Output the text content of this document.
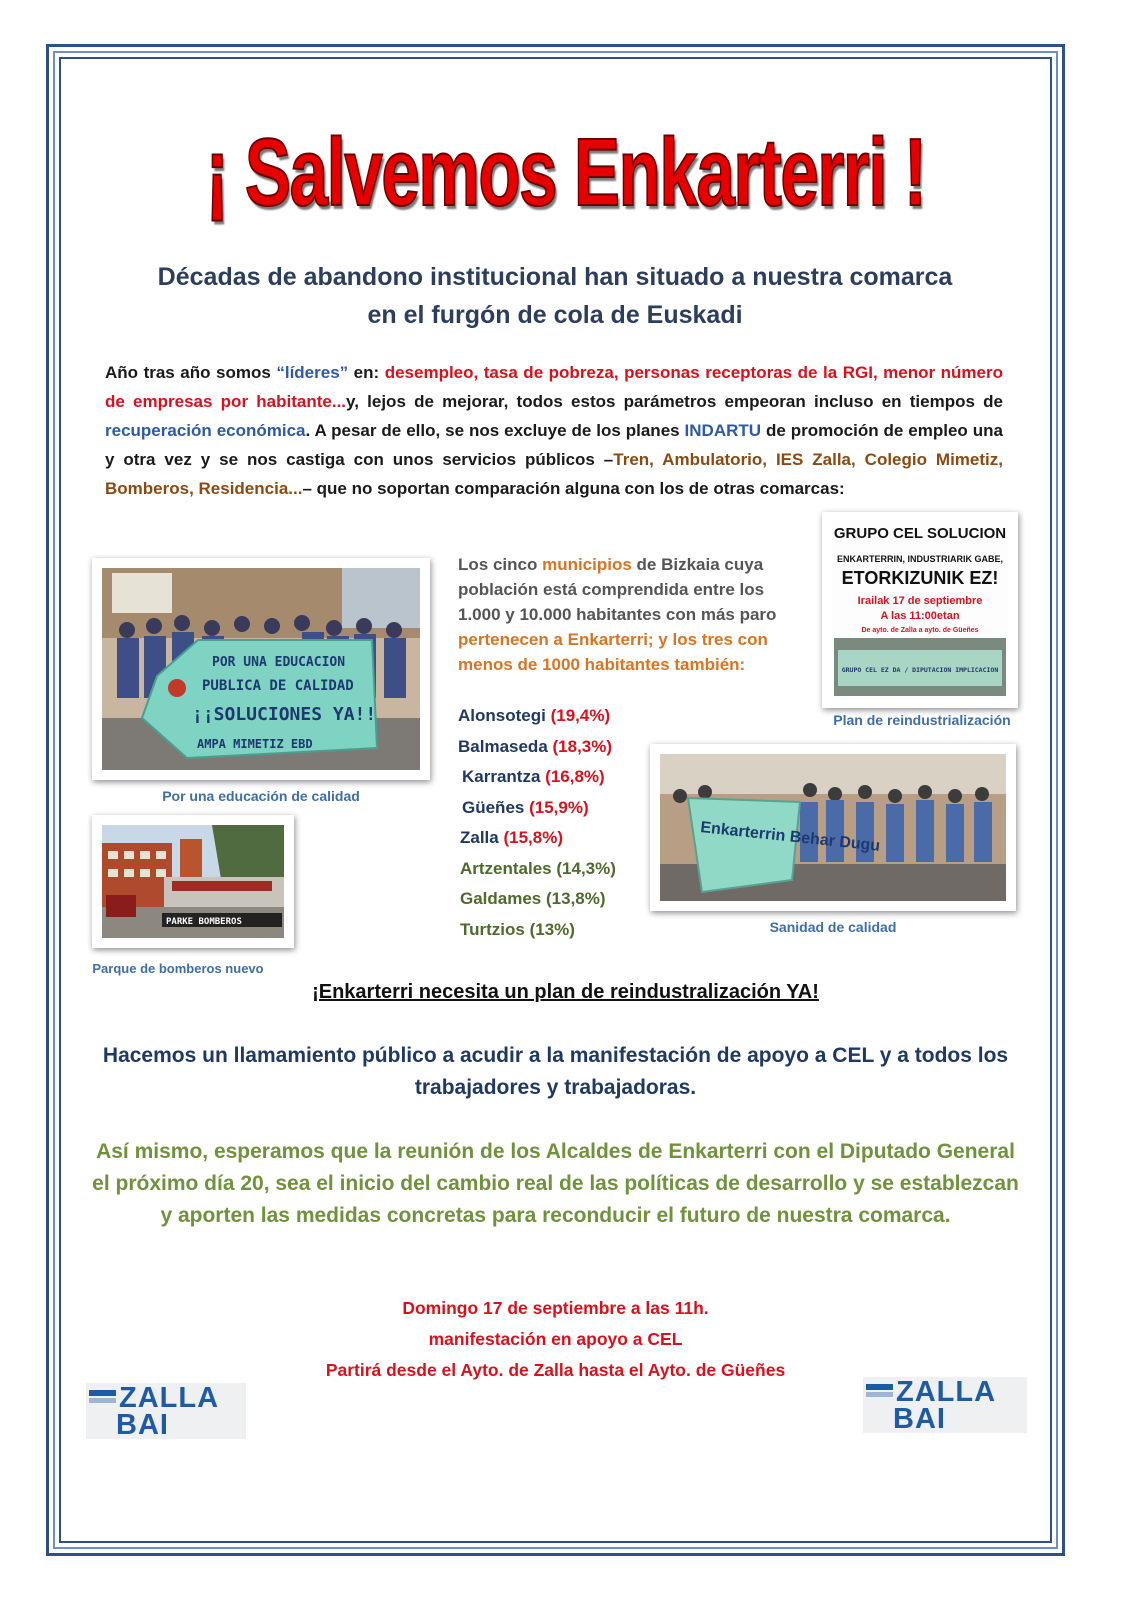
¡ Salvemos Enkarterri !
Décadas de abandono institucional han situado a nuestra comarca en el furgón de cola de Euskadi
Año tras año somos “líderes” en: desempleo, tasa de pobreza, personas receptoras de la RGI, menor número de empresas por habitante...y, lejos de mejorar, todos estos parámetros empeoran incluso en tiempos de recuperación económica. A pesar de ello, se nos excluye de los planes INDARTU de promoción de empleo una y otra vez y se nos castiga con unos servicios públicos –Tren, Ambulatorio, IES Zalla, Colegio Mimetiz, Bomberos, Residencia...– que no soportan comparación alguna con los de otras comarcas:
POR UNA EDUCACION
PUBLICA DE CALIDAD
¡¡SOLUCIONES YA!!
AMPA MIMETIZ EBD
Por una educación de calidad
PARKE BOMBEROS
Parque de bomberos nuevo
Los cinco municipios de Bizkaia cuya población está comprendida entre los 1.000 y 10.000 habitantes con más paro pertenecen a Enkarterri; y los tres con menos de 1000 habitantes también:
Alonsotegi (19,4%)
Balmaseda (18,3%)
Karrantza (16,8%)
Güeñes (15,9%)
Zalla (15,8%)
Artzentales (14,3%)
Galdames (13,8%)
Turtzios (13%)
GRUPO CEL SOLUCION
ENKARTERRIN, INDUSTRIARIK GABE,
ETORKIZUNIK EZ!
Irailak 17 de septiembre
A las 11:00etan
De ayto. de Zalla a ayto. de Güeñes
GRUPO CEL EZ DA / DIPUTACION IMPLICACION
Plan de reindustrialización
Enkarterrin Behar Dugu
Sanidad de calidad
¡Enkarterri necesita un plan de reindustralización YA!
Hacemos un llamamiento público a acudir a la manifestación de apoyo a CEL y a todos los trabajadores y trabajadoras.
Así mismo, esperamos que la reunión de los Alcaldes de Enkarterri con el Diputado General el próximo día 20, sea el inicio del cambio real de las políticas de desarrollo y se establezcan y aporten las medidas concretas para reconducir el futuro de nuestra comarca.
Domingo 17 de septiembre a las 11h.
manifestación en apoyo a CEL
Partirá desde el Ayto. de Zalla hasta el Ayto. de Güeñes
ZALLA
BAI
ZALLA
BAI
